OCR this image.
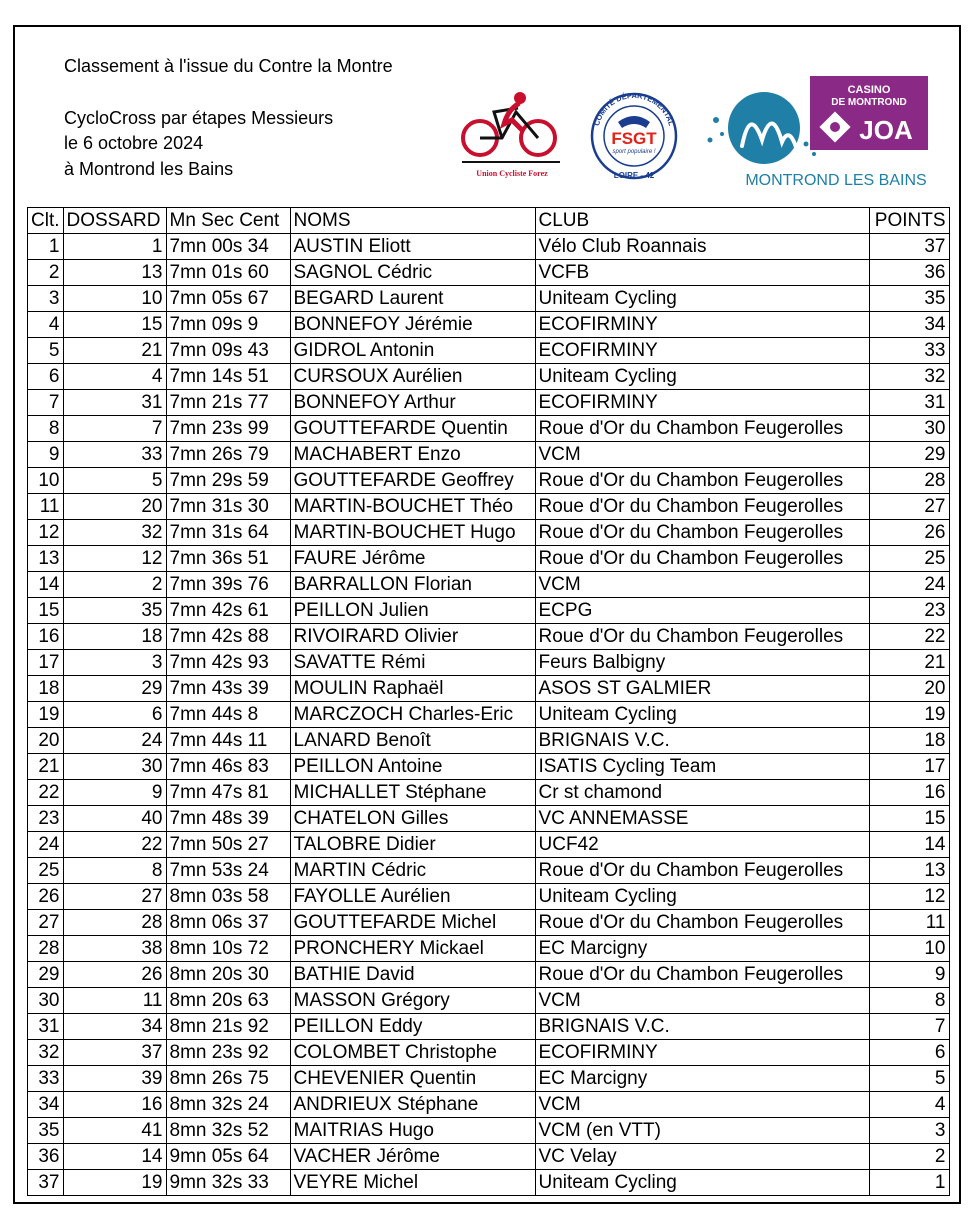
Classement à l'issue du Contre la Montre
CycloCross par étapes Messieurs
le 6 octobre 2024
à Montrond les Bains	Union Cycliste Forez
COMITÉ DÉPARTEMENTAL
FSGT
sport populaire !
LOIRE - 42	MONTROND LES BAINS
CASINO
DE MONTROND
JOA
Clt.	DOSSARD	Mn Sec Cent	NOMS	CLUB	POINTS
1	1	7mn 00s 34	AUSTIN Eliott	Vélo Club Roannais	37
2	13	7mn 01s 60	SAGNOL Cédric	VCFB	36
3	10	7mn 05s 67	BEGARD Laurent	Uniteam Cycling	35
4	15	7mn 09s 9	BONNEFOY Jérémie	ECOFIRMINY	34
5	21	7mn 09s 43	GIDROL Antonin	ECOFIRMINY	33
6	4	7mn 14s 51	CURSOUX Aurélien	Uniteam Cycling	32
7	31	7mn 21s 77	BONNEFOY Arthur	ECOFIRMINY	31
8	7	7mn 23s 99	GOUTTEFARDE Quentin	Roue d'Or du Chambon Feugerolles	30
9	33	7mn 26s 79	MACHABERT Enzo	VCM	29
10	5	7mn 29s 59	GOUTTEFARDE Geoffrey	Roue d'Or du Chambon Feugerolles	28
11	20	7mn 31s 30	MARTIN-BOUCHET Théo	Roue d'Or du Chambon Feugerolles	27
12	32	7mn 31s 64	MARTIN-BOUCHET Hugo	Roue d'Or du Chambon Feugerolles	26
13	12	7mn 36s 51	FAURE Jérôme	Roue d'Or du Chambon Feugerolles	25
14	2	7mn 39s 76	BARRALLON Florian	VCM	24
15	35	7mn 42s 61	PEILLON Julien	ECPG	23
16	18	7mn 42s 88	RIVOIRARD Olivier	Roue d'Or du Chambon Feugerolles	22
17	3	7mn 42s 93	SAVATTE Rémi	Feurs Balbigny	21
18	29	7mn 43s 39	MOULIN Raphaël	ASOS ST GALMIER	20
19	6	7mn 44s 8	MARCZOCH Charles-Eric	Uniteam Cycling	19
20	24	7mn 44s 11	LANARD Benoît	BRIGNAIS V.C.	18
21	30	7mn 46s 83	PEILLON Antoine	ISATIS Cycling Team	17
22	9	7mn 47s 81	MICHALLET Stéphane	Cr st chamond	16
23	40	7mn 48s 39	CHATELON Gilles	VC ANNEMASSE	15
24	22	7mn 50s 27	TALOBRE Didier	UCF42	14
25	8	7mn 53s 24	MARTIN Cédric	Roue d'Or du Chambon Feugerolles	13
26	27	8mn 03s 58	FAYOLLE Aurélien	Uniteam Cycling	12
27	28	8mn 06s 37	GOUTTEFARDE Michel	Roue d'Or du Chambon Feugerolles	11
28	38	8mn 10s 72	PRONCHERY Mickael	EC Marcigny	10
29	26	8mn 20s 30	BATHIE David	Roue d'Or du Chambon Feugerolles	9
30	11	8mn 20s 63	MASSON Grégory	VCM	8
31	34	8mn 21s 92	PEILLON Eddy	BRIGNAIS V.C.	7
32	37	8mn 23s 92	COLOMBET Christophe	ECOFIRMINY	6
33	39	8mn 26s 75	CHEVENIER Quentin	EC Marcigny	5
34	16	8mn 32s 24	ANDRIEUX Stéphane	VCM	4
35	41	8mn 32s 52	MAITRIAS Hugo	VCM (en VTT)	3
36	14	9mn 05s 64	VACHER Jérôme	VC Velay	2
37	19	9mn 32s 33	VEYRE Michel	Uniteam Cycling	1
